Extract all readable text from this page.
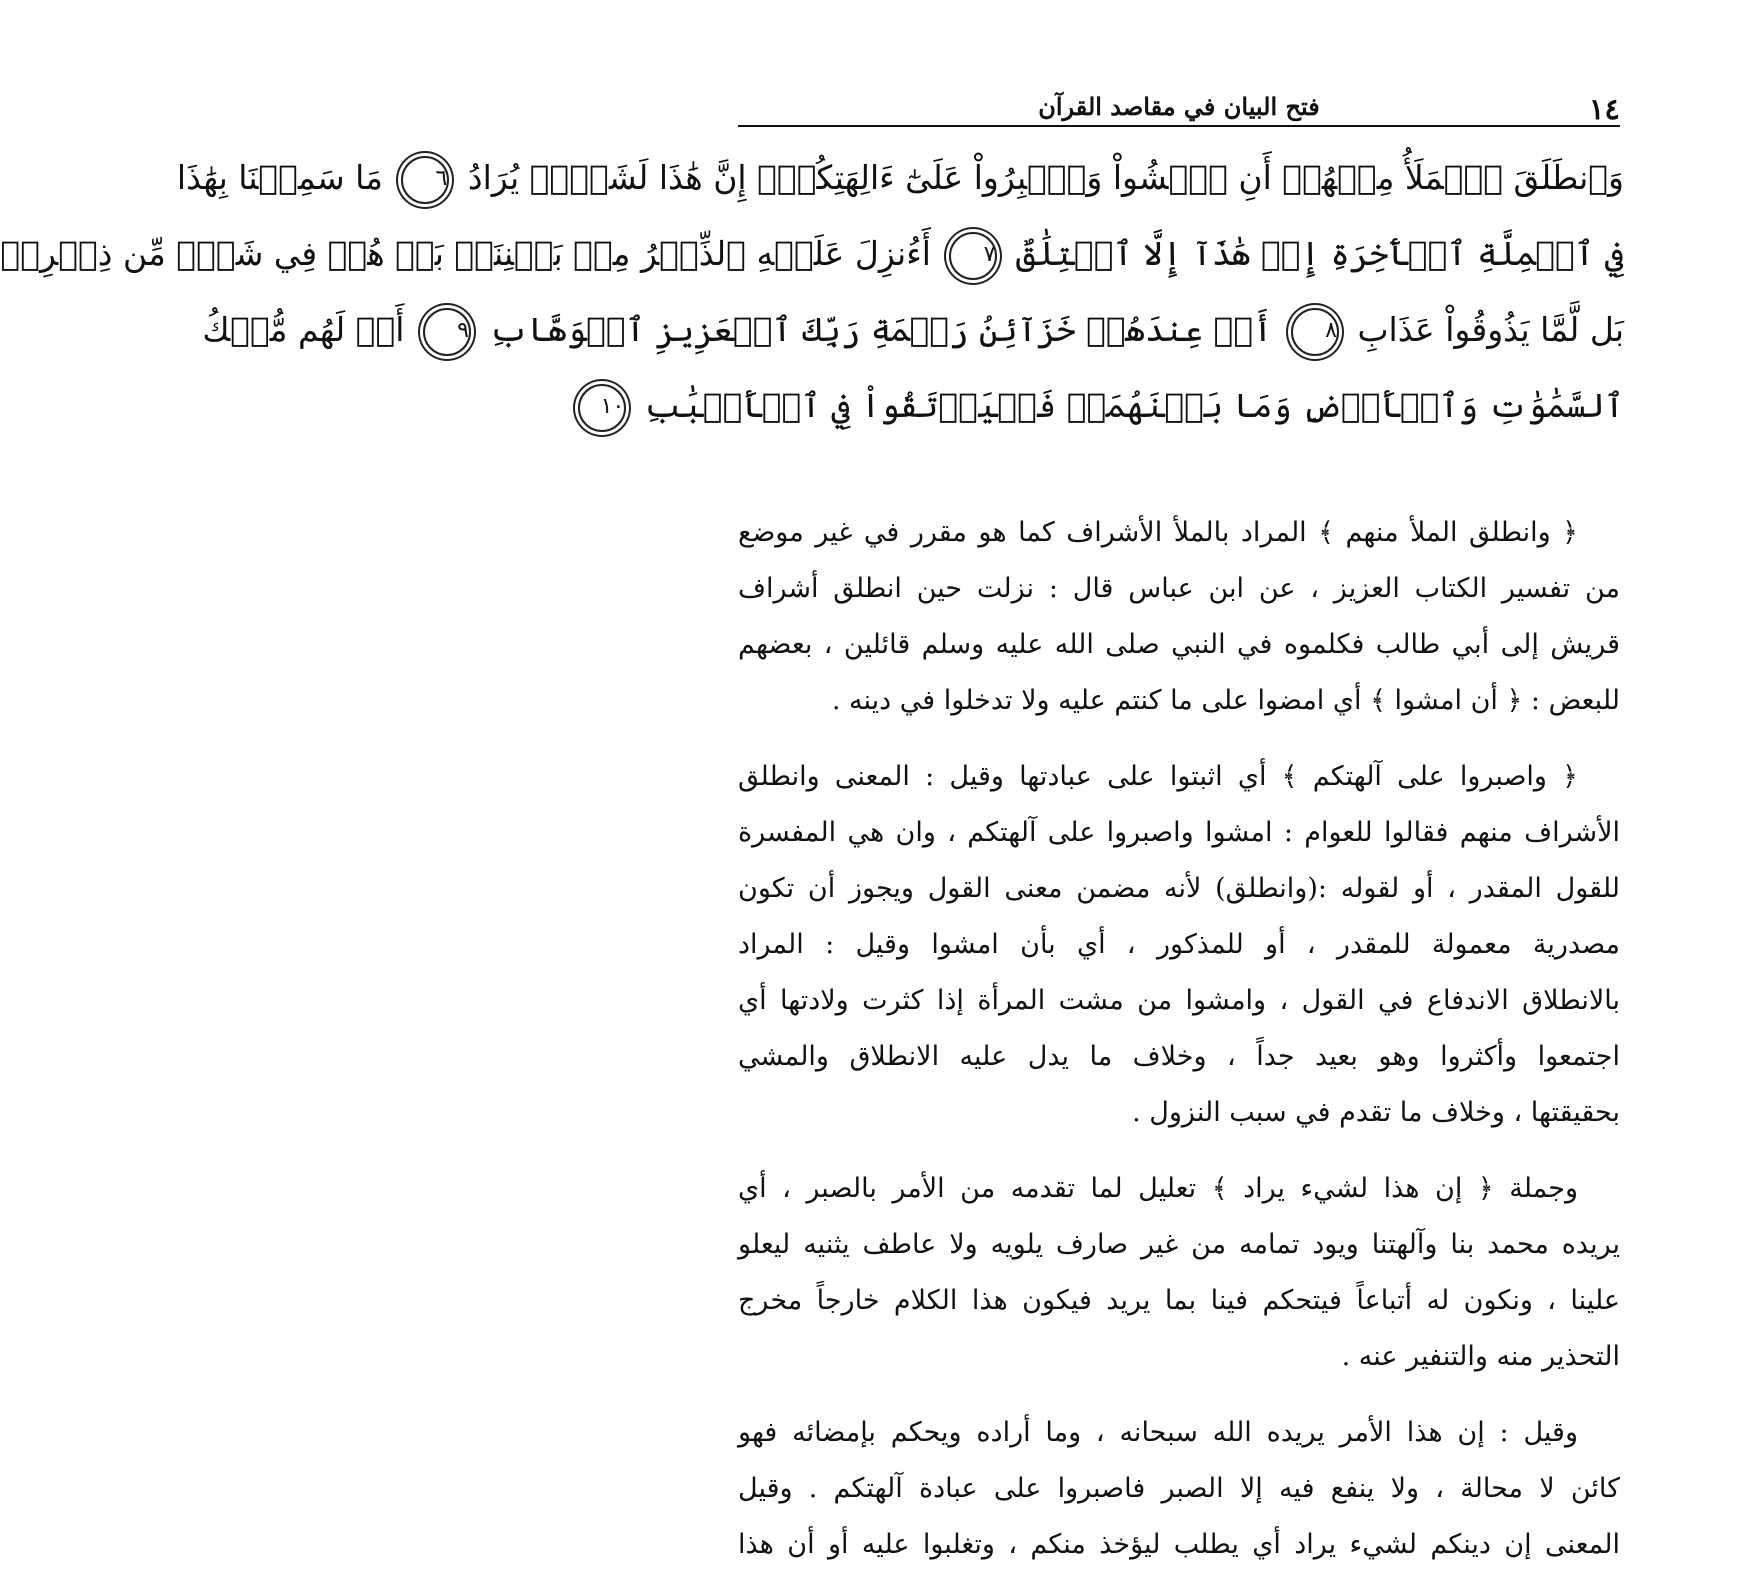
١٤
فتح البيان في مقاصد القرآن
وَٱنطَلَقَ ٱلۡمَلَأُ مِنۡهُمۡ أَنِ ٱمۡشُواْ وَٱصۡبِرُواْ عَلَىٰٓ ءَالِهَتِكُمۡۖ إِنَّ هَٰذَا لَشَيۡءٞ يُرَادُ ٦ مَا سَمِعۡنَا بِهَٰذَا
فِي ٱلۡمِلَّةِ ٱلۡأٓخِرَةِ إِنۡ هَٰذَآ إِلَّا ٱخۡتِلَٰقٌ ٧ أَءُنزِلَ عَلَيۡهِ ٱلذِّكۡرُ مِنۢ بَيۡنِنَاۚ بَلۡ هُمۡ فِي شَكّٖ مِّن ذِكۡرِيۚ
بَل لَّمَّا يَذُوقُواْ عَذَابِ ٨ أَمۡ عِندَهُمۡ خَزَآئِنُ رَحۡمَةِ رَبِّكَ ٱلۡعَزِيزِ ٱلۡوَهَّابِ ٩ أَمۡ لَهُم مُّلۡكُ
ٱلسَّمَٰوَٰتِ وَٱلۡأَرۡضِ وَمَا بَيۡنَهُمَاۖ فَلۡيَرۡتَقُواْ فِي ٱلۡأَسۡبَٰبِ ١٠
﴿ وانطلق الملأ منهم ﴾ المراد بالملأ الأشراف كما هو مقرر في غير موضع
من تفسير الكتاب العزيز ، عن ابن عباس قال : نزلت حين انطلق أشراف
قريش إلى أبي طالب فكلموه في النبي صلى الله عليه وسلم قائلين ، بعضهم
للبعض : ﴿ أن امشوا ﴾ أي امضوا على ما كنتم عليه ولا تدخلوا في دينه .
﴿ واصبروا على آلهتكم ﴾ أي اثبتوا على عبادتها وقيل : المعنى وانطلق
الأشراف منهم فقالوا للعوام : امشوا واصبروا على آلهتكم ، وان هي المفسرة
للقول المقدر ، أو لقوله :(وانطلق) لأنه مضمن معنى القول ويجوز أن تكون
مصدرية معمولة للمقدر ، أو للمذكور ، أي بأن امشوا وقيل : المراد
بالانطلاق الاندفاع في القول ، وامشوا من مشت المرأة إذا كثرت ولادتها أي
اجتمعوا وأكثروا وهو بعيد جداً ، وخلاف ما يدل عليه الانطلاق والمشي
بحقيقتها ، وخلاف ما تقدم في سبب النزول .
وجملة ﴿ إن هذا لشيء يراد ﴾ تعليل لما تقدمه من الأمر بالصبر ، أي
يريده محمد بنا وآلهتنا ويود تمامه من غير صارف يلويه ولا عاطف يثنيه ليعلو
علينا ، ونكون له أتباعاً فيتحكم فينا بما يريد فيكون هذا الكلام خارجاً مخرج
التحذير منه والتنفير عنه .
وقيل : إن هذا الأمر يريده الله سبحانه ، وما أراده ويحكم بإمضائه فهو
كائن لا محالة ، ولا ينفع فيه إلا الصبر فاصبروا على عبادة آلهتكم . وقيل
المعنى إن دينكم لشيء يراد أي يطلب ليؤخذ منكم ، وتغلبوا عليه أو أن هذا
